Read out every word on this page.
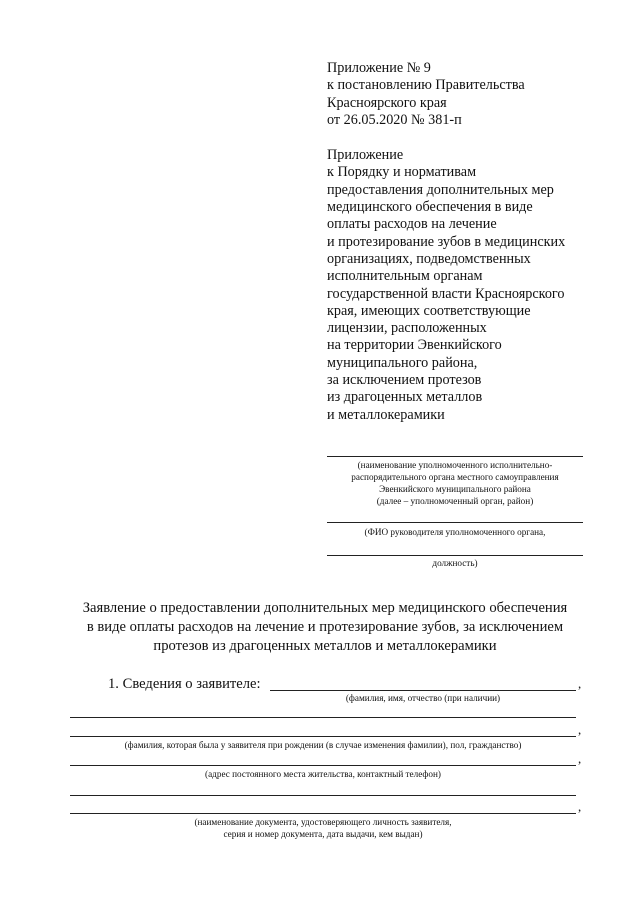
Приложение № 9
к постановлению Правительства
Красноярского края
от 26.05.2020 № 381-п
Приложение
к Порядку и нормативам
предоставления дополнительных мер
медицинского обеспечения в виде
оплаты расходов на лечение
и протезирование зубов в медицинских
организациях, подведомственных
исполнительным органам
государственной власти Красноярского
края, имеющих соответствующие
лицензии, расположенных
на территории Эвенкийского
муниципального района,
за исключением протезов
из драгоценных металлов
и металлокерамики
(наименование уполномоченного исполнительно-
распорядительного органа местного самоуправления
Эвенкийского муниципального района
(далее – уполномоченный орган, район)
(ФИО руководителя уполномоченного органа,
должность)
Заявление о предоставлении дополнительных мер медицинского обеспечения
в виде оплаты расходов на лечение и протезирование зубов, за исключением
протезов из драгоценных металлов и металлокерамики
1. Сведения о заявителе:	,
(фамилия, имя, отчество (при наличии)
,
(фамилия, которая была у заявителя при рождении (в случае изменения фамилии), пол, гражданство)
,
(адрес постоянного места жительства, контактный телефон)
,
(наименование документа, удостоверяющего личность заявителя,
серия и номер документа, дата выдачи, кем выдан)
